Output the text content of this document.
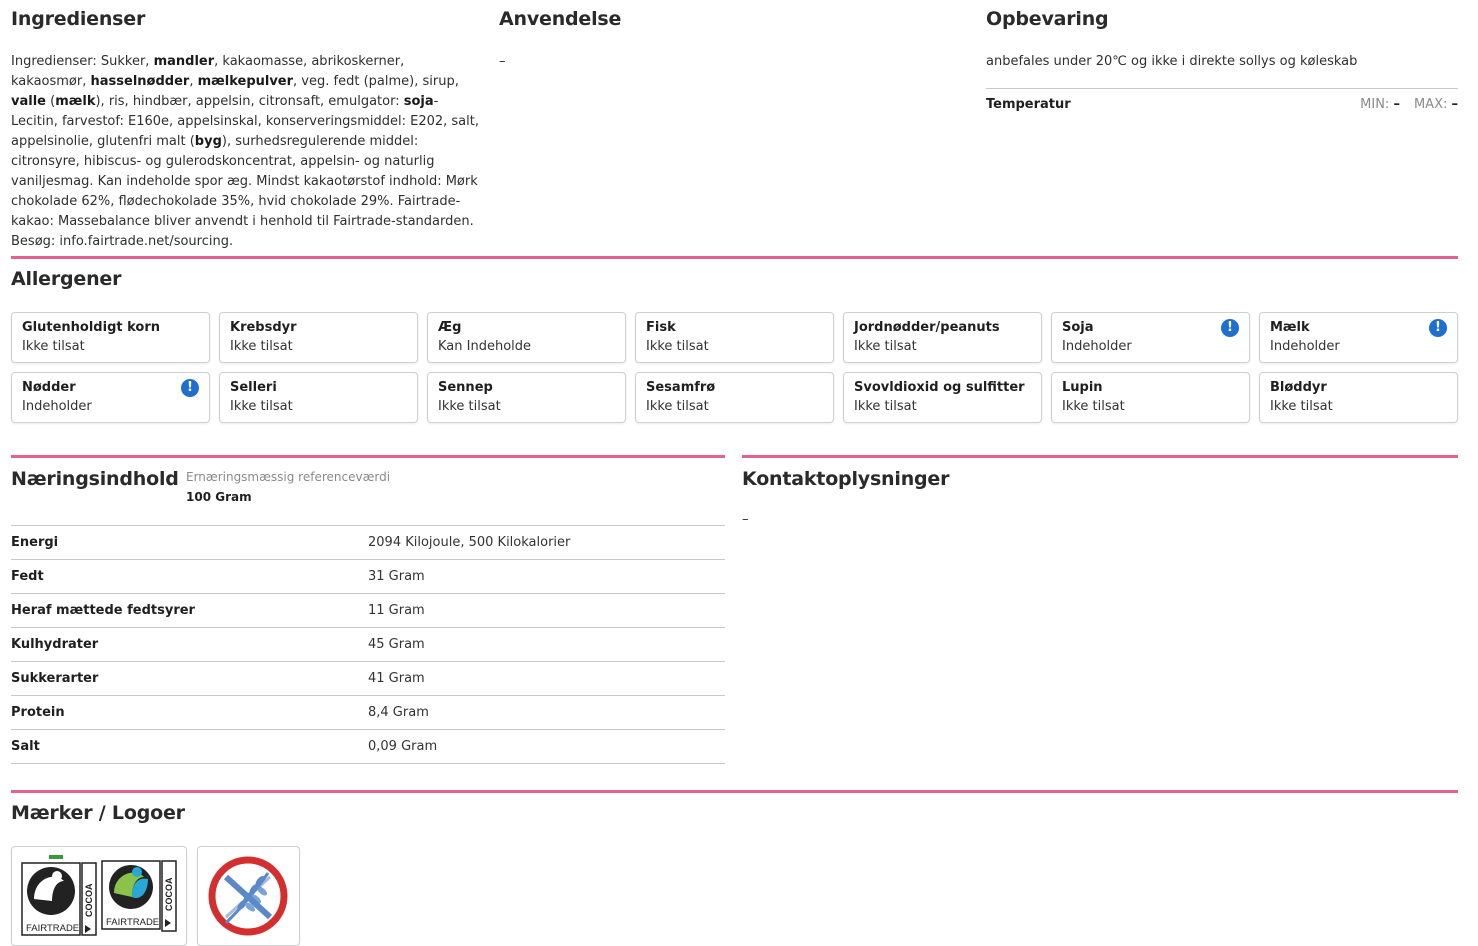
Ingredienser
Ingredienser: Sukker, mandler, kakaomasse, abrikoskerner, kakaosmør, hasselnødder, mælkepulver, veg. fedt (palme), sirup, valle (mælk), ris, hindbær, appelsin, citronsaft, emulgator: soja-Lecitin, farvestof: E160e, appelsinskal, konserveringsmiddel: E202, salt, appelsinolie, glutenfri malt (byg), surhedsregulerende middel: citronsyre, hibiscus- og gulerodskoncentrat, appelsin- og naturlig vaniljesmag. Kan indeholde spor æg. Mindst kakaotørstof indhold: Mørk chokolade 62%, flødechokolade 35%, hvid chokolade 29%. Fairtrade-kakao: Massebalance bliver anvendt i henhold til Fairtrade-standarden. Besøg: info.fairtrade.net/sourcing.
Anvendelse
–
Opbevaring
anbefales under 20℃ og ikke i direkte sollys og køleskab
Temperatur	MIN: – MAX: –
Allergener
Glutenholdigt korn
Ikke tilsat
Krebsdyr
Ikke tilsat
Æg
Kan Indeholde
Fisk
Ikke tilsat
Jordnødder/peanuts
Ikke tilsat
Soja
Indeholder
!	Mælk
Indeholder
!
Nødder
Indeholder
!	Selleri
Ikke tilsat
Sennep
Ikke tilsat
Sesamfrø
Ikke tilsat
Svovldioxid og sulfitter
Ikke tilsat
Lupin
Ikke tilsat
Bløddyr
Ikke tilsat
Næringsindhold Ernæringsmæssig referenceværdi
100 Gram
Energi	2094 Kilojoule, 500 Kilokalorier
Fedt	31 Gram
Heraf mættede fedtsyrer	11 Gram
Kulhydrater	45 Gram
Sukkerarter	41 Gram
Protein	8,4 Gram
Salt	0,09 Gram
Kontaktoplysninger
–
Mærker / Logoer
FAIRTRADE
COCOA
FAIRTRADE
COCOA
